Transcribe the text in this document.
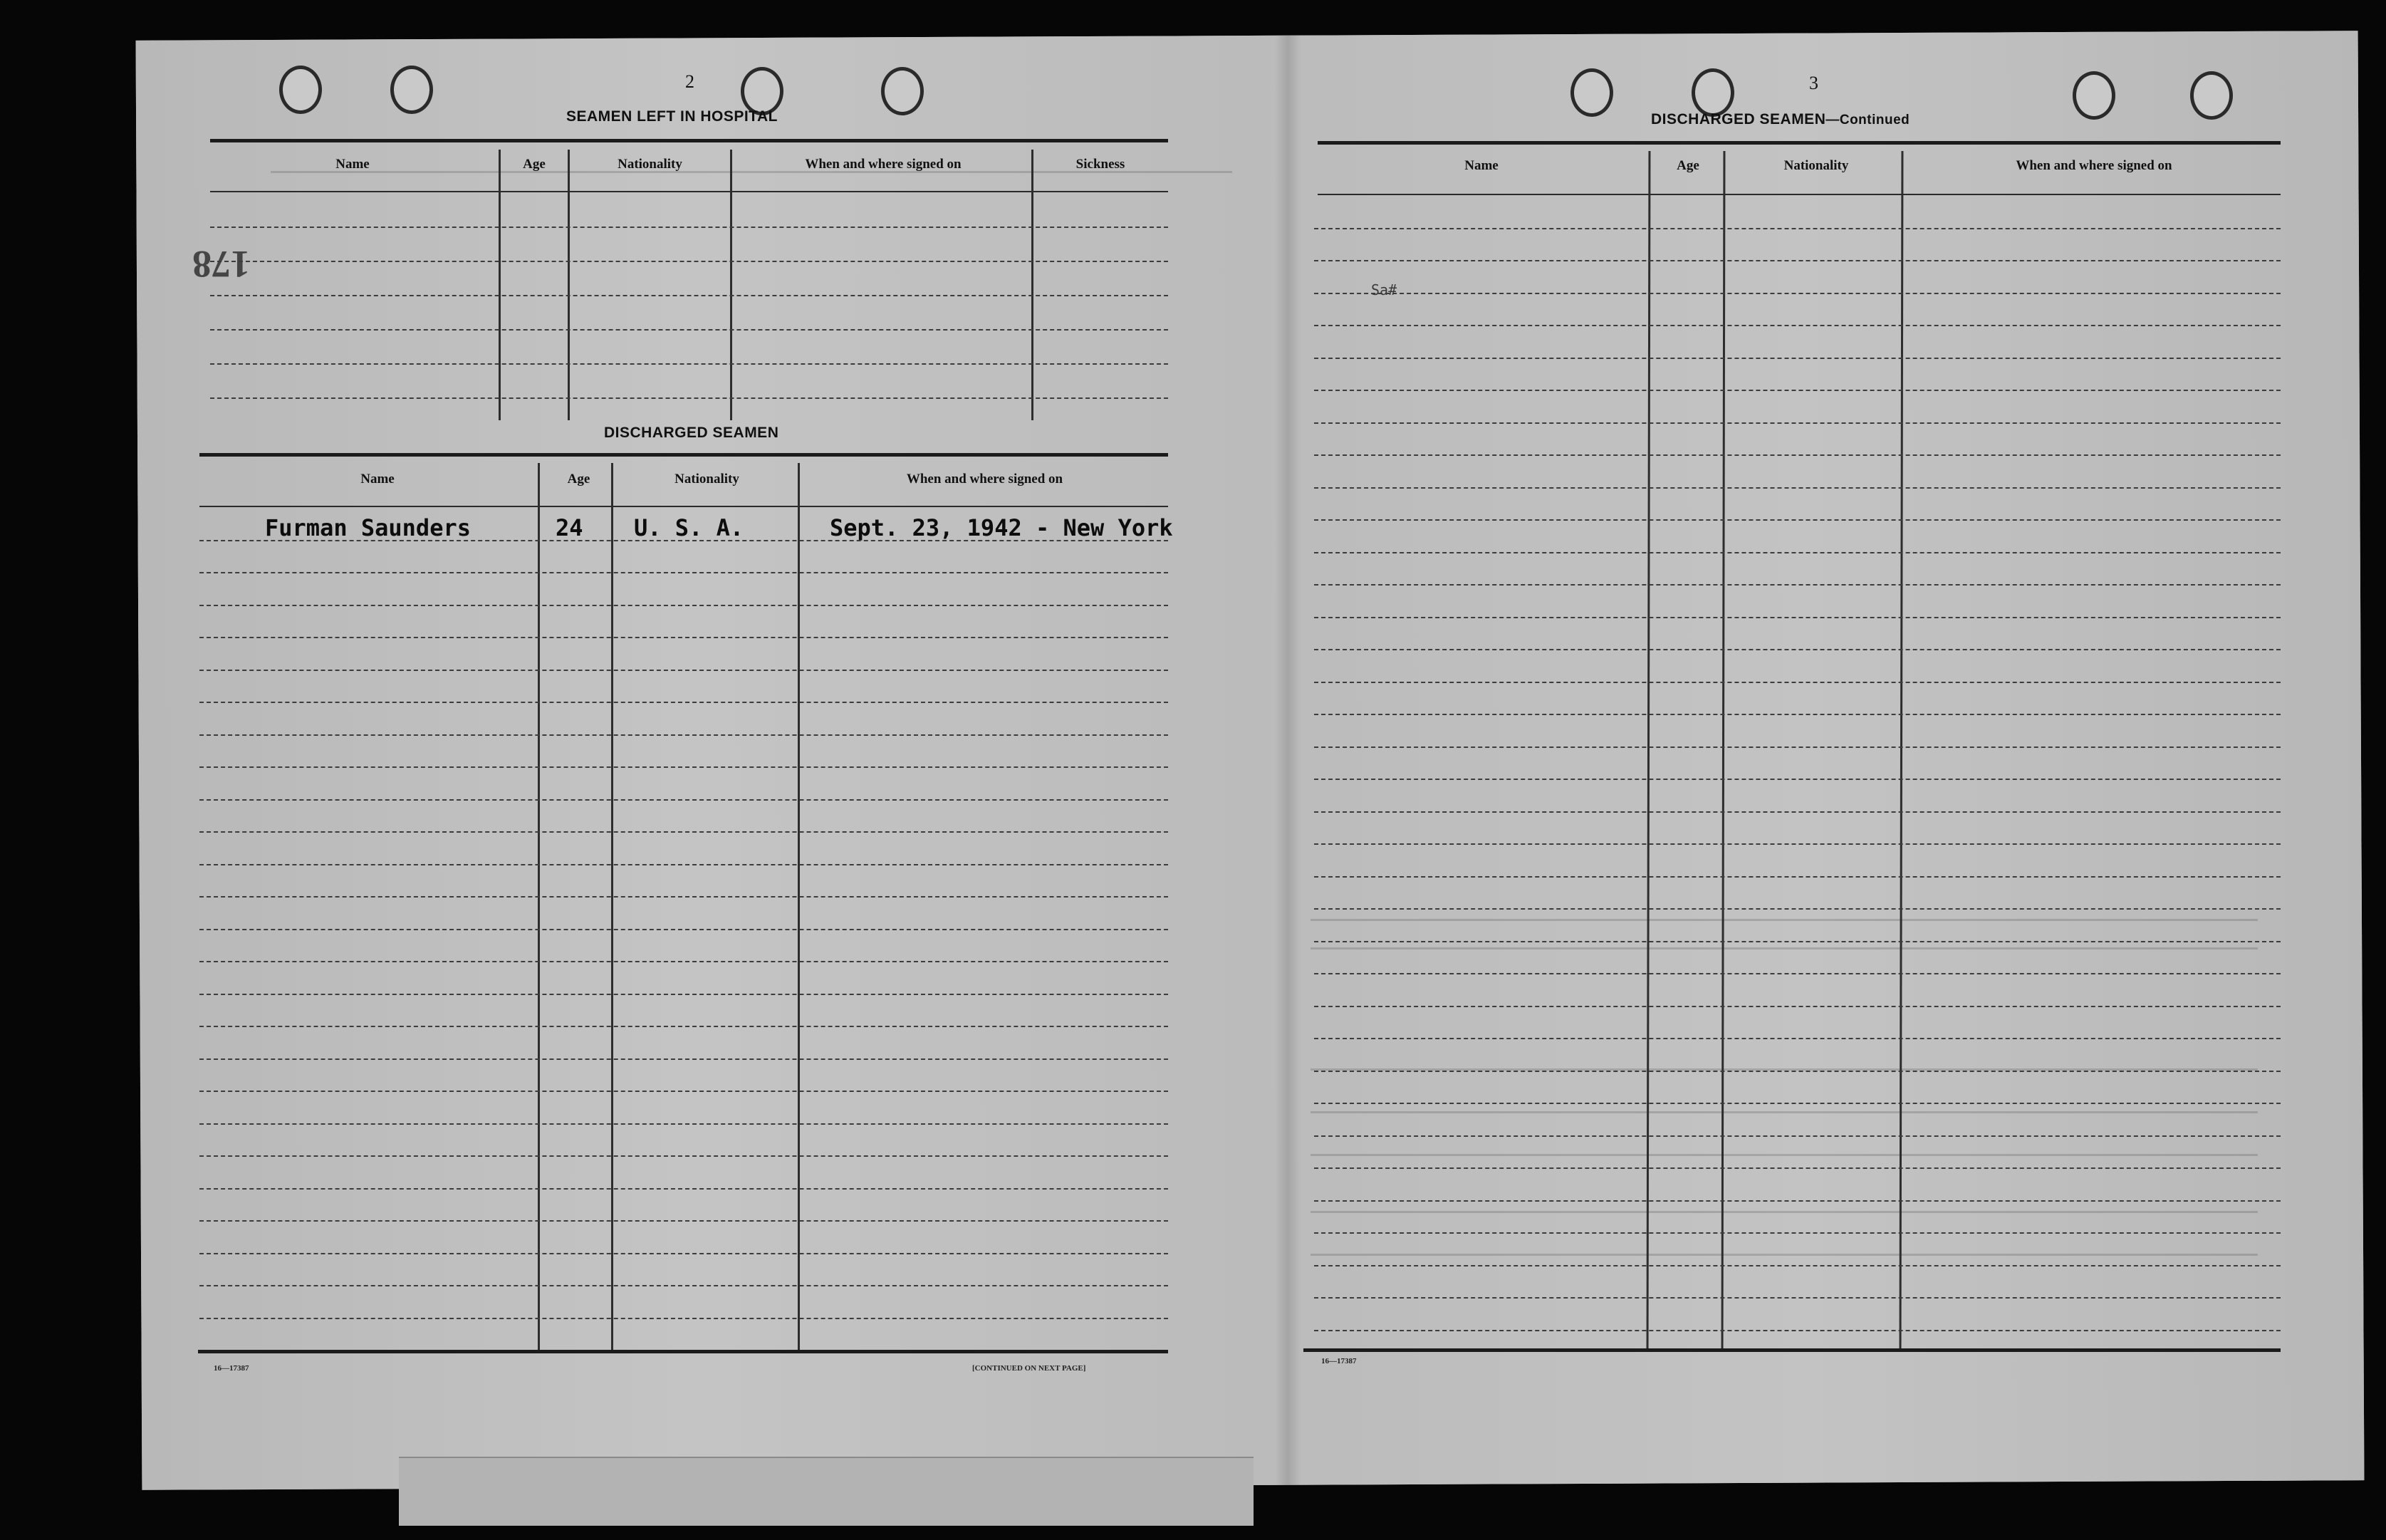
2
SEAMEN LEFT IN HOSPITAL
178
Name	Age	Nationality	When and where signed on	Sickness
DISCHARGED SEAMEN
Name	Age	Nationality	When and where signed on
Furman Saunders	24 U. S. A.	Sept. 23, 1942 - New York
16—17387	[CONTINUED ON NEXT PAGE]
3
DISCHARGED SEAMEN—Continued
Name	Age	Nationality	When and where signed on
Sa#
16—17387
